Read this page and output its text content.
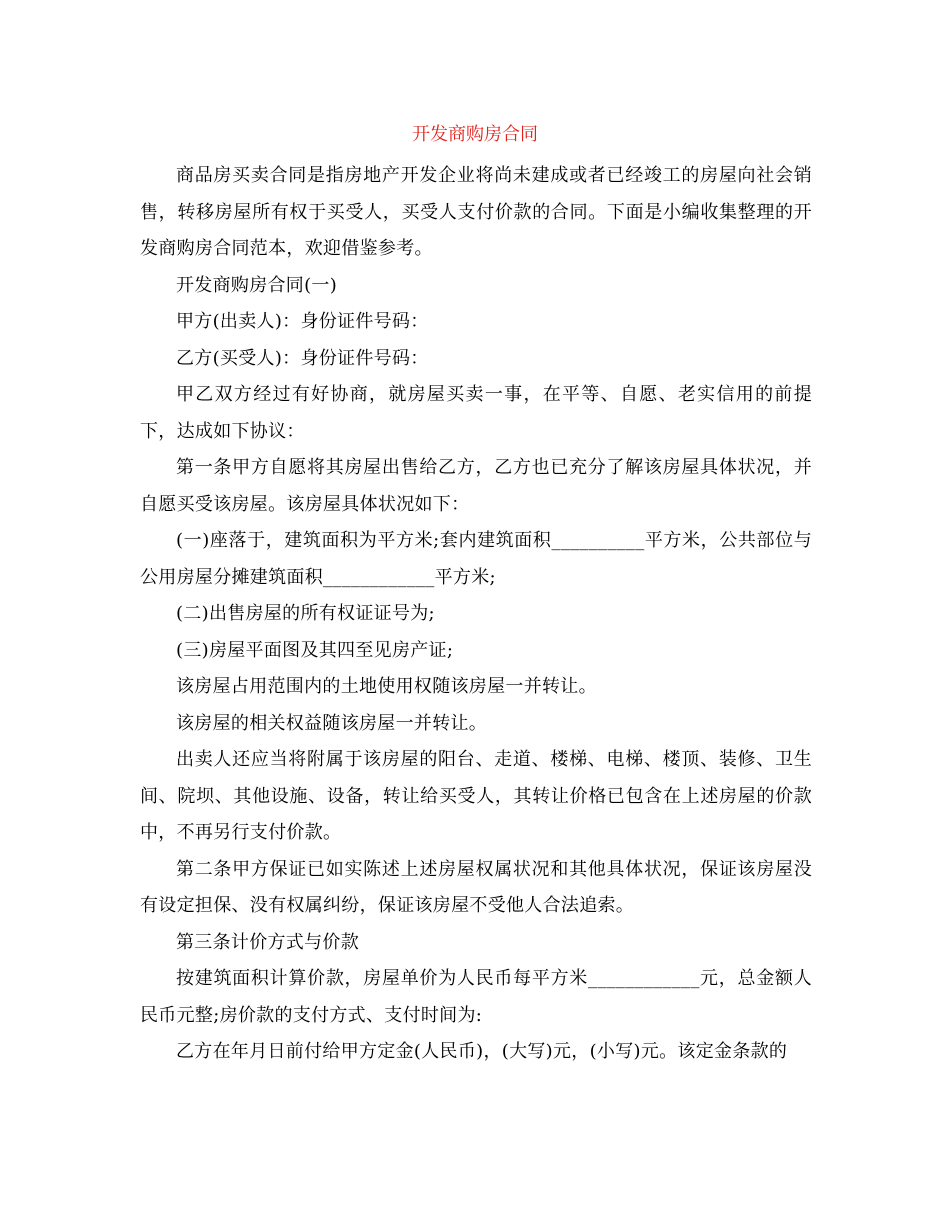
开发商购房合同

商品房买卖合同是指房地产开发企业将尚未建成或者已经竣工的房屋向社会销售，转移房屋所有权于买受人，买受人支付价款的合同。下面是小编收集整理的开发商购房合同范本，欢迎借鉴参考。

开发商购房合同(一)

甲方(出卖人)：身份证件号码：

乙方(买受人)：身份证件号码：

甲乙双方经过有好协商，就房屋买卖一事，在平等、自愿、老实信用的前提下，达成如下协议：

第一条甲方自愿将其房屋出售给乙方，乙方也已充分了解该房屋具体状况，并自愿买受该房屋。该房屋具体状况如下：

(一)座落于，建筑面积为平方米;套内建筑面积__________平方米，公共部位与公用房屋分摊建筑面积____________平方米;

(二)出售房屋的所有权证证号为;

(三)房屋平面图及其四至见房产证;

该房屋占用范围内的土地使用权随该房屋一并转让。

该房屋的相关权益随该房屋一并转让。

出卖人还应当将附属于该房屋的阳台、走道、楼梯、电梯、楼顶、装修、卫生间、院坝、其他设施、设备，转让给买受人，其转让价格已包含在上述房屋的价款中，不再另行支付价款。

第二条甲方保证已如实陈述上述房屋权属状况和其他具体状况，保证该房屋没有设定担保、没有权属纠纷，保证该房屋不受他人合法追索。

第三条计价方式与价款

按建筑面积计算价款，房屋单价为人民币每平方米____________元，总金额人民币元整;房价款的支付方式、支付时间为:

乙方在年月日前付给甲方定金(人民币)，(大写)元，(小写)元。该定金条款的
